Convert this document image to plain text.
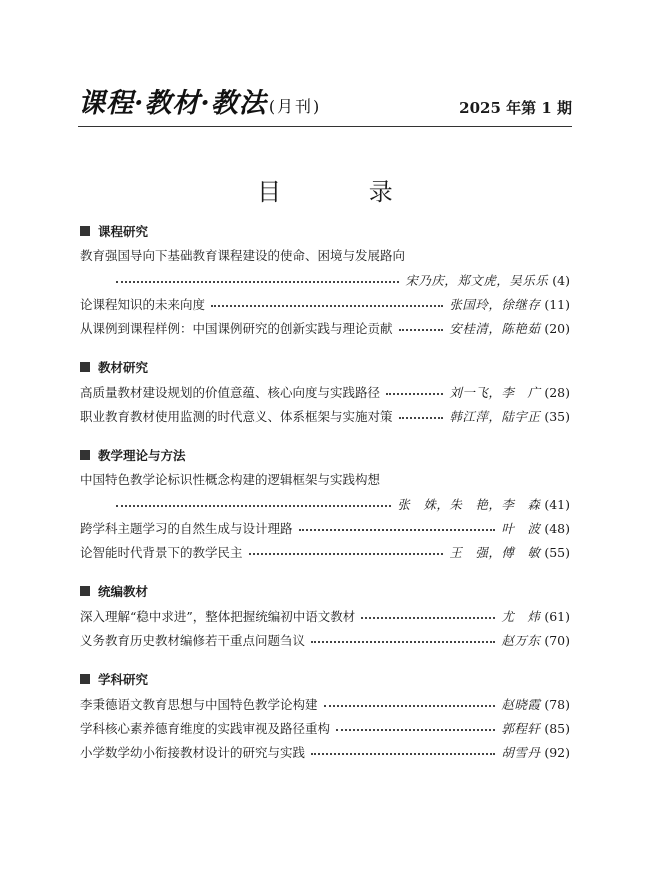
课程·教材·教法 (月刊)	2025 年第 1 期
目 录
课程研究
教育强国导向下基础教育课程建设的使命、困境与发展路向
宋乃庆，郑文虎，吴乐乐 (4)
论课程知识的未来向度	张国玲，徐继存 (11)
从课例到课程样例：中国课例研究的创新实践与理论贡献	安桂清，陈艳茹 (20)
教材研究
高质量教材建设规划的价值意蕴、核心向度与实践路径	刘一飞，李　广 (28)
职业教育教材使用监测的时代意义、体系框架与实施对策	韩江萍，陆宇正 (35)
教学理论与方法
中国特色教学论标识性概念构建的逻辑框架与实践构想
张　姝，朱　艳，李　森 (41)
跨学科主题学习的自然生成与设计理路	叶　波 (48)
论智能时代背景下的教学民主	王　强，傅　敏 (55)
统编教材
深入理解“稳中求进”，整体把握统编初中语文教材	尤　炜 (61)
义务教育历史教材编修若干重点问题刍议	赵万东 (70)
学科研究
李秉德语文教育思想与中国特色教学论构建	赵晓霞 (78)
学科核心素养德育维度的实践审视及路径重构	郭程轩 (85)
小学数学幼小衔接教材设计的研究与实践	胡雪丹 (92)
